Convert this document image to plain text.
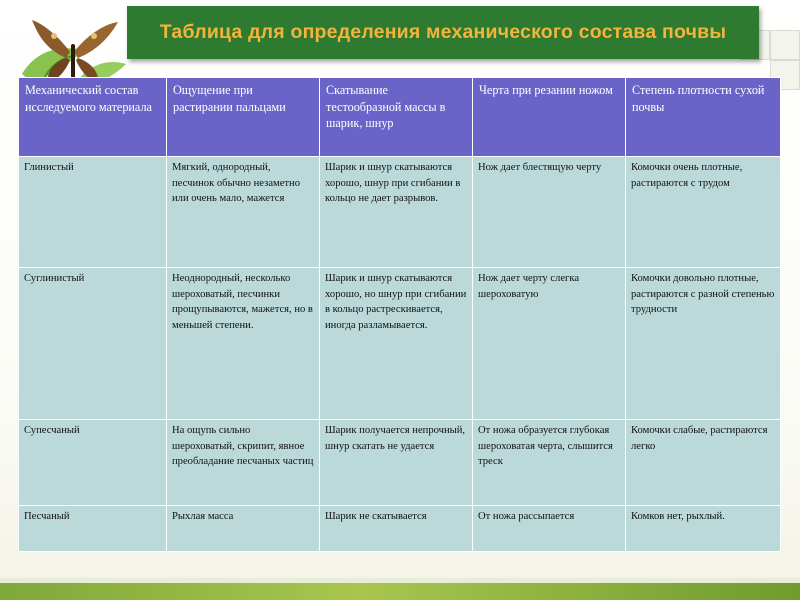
Таблица для определения механического состава почвы
Механический состав исследуемого материала	Ощущение при растирании пальцами	Скатывание тестообразной массы в шарик, шнур	Черта при резании ножом	Степень плотности сухой почвы
Глинистый	Мягкий, однородный, песчинок обычно незаметно или очень мало, мажется	Шарик и шнур скатываются хорошо, шнур при сгибании в кольцо не дает разрывов.	Нож дает блестящую черту	Комочки очень плотные, растираются с трудом
Суглинистый	Неоднородный, несколько шероховатый, песчинки прощупываются, мажется, но в меньшей степени.	Шарик и шнур скатываются хорошо, но шнур при сгибании в кольцо растрескивается, иногда разламывается.	Нож дает черту слегка шероховатую	Комочки довольно плотные, растираются с разной степенью трудности
Супесчаный	На ощупь сильно шероховатый, скрипит, явное преобладание песчаных частиц	Шарик получается непрочный, шнур скатать не удается	От ножа образуется глубокая шероховатая черта, слышится треск	Комочки слабые, растираются легко
Песчаный	Рыхлая масса	Шарик не скатывается	От ножа рассыпается	Комков нет, рыхлый.
